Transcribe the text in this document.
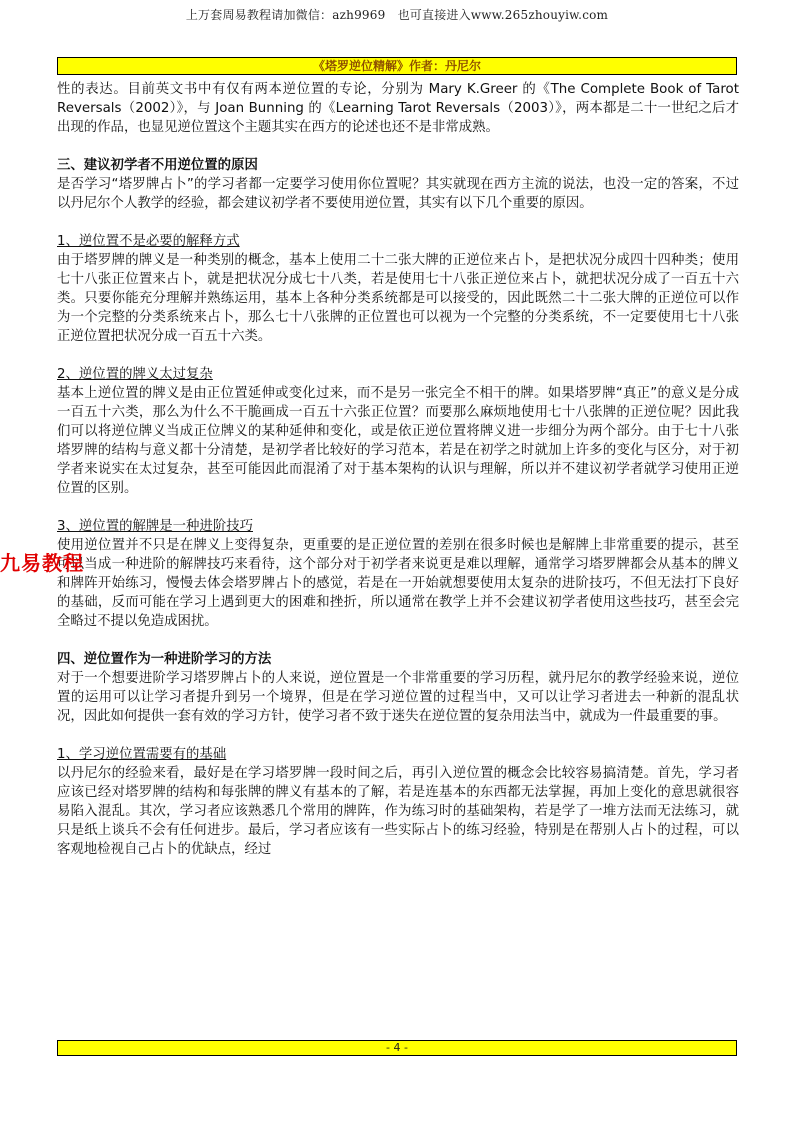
上万套周易教程请加微信：azh9969　也可直接进入www.265zhouyiw.com
《塔罗逆位精解》作者：丹尼尔

性的表达。目前英文书中有仅有两本逆位置的专论，分别为 Mary K.Greer 的《The Complete Book of Tarot Reversals（2002）》，与 Joan Bunning 的《Learning Tarot Reversals（2003）》，两本都是二十一世纪之后才出现的作品，也显见逆位置这个主题其实在西方的论述也还不是非常成熟。

三、建议初学者不用逆位置的原因

是否学习“塔罗牌占卜”的学习者都一定要学习使用你位置呢？其实就现在西方主流的说法，也没一定的答案，不过以丹尼尔个人教学的经验，都会建议初学者不要使用逆位置，其实有以下几个重要的原因。

1、逆位置不是必要的解释方式

由于塔罗牌的牌义是一种类别的概念，基本上使用二十二张大牌的正逆位来占卜，是把状况分成四十四种类；使用七十八张正位置来占卜，就是把状况分成七十八类，若是使用七十八张正逆位来占卜，就把状况分成了一百五十六类。只要你能充分理解并熟练运用，基本上各种分类系统都是可以接受的，因此既然二十二张大牌的正逆位可以作为一个完整的分类系统来占卜，那么七十八张牌的正位置也可以视为一个完整的分类系统，不一定要使用七十八张正逆位置把状况分成一百五十六类。

2、逆位置的牌义太过复杂

基本上逆位置的牌义是由正位置延伸或变化过来，而不是另一张完全不相干的牌。如果塔罗牌“真正”的意义是分成一百五十六类，那么为什么不干脆画成一百五十六张正位置？而要那么麻烦地使用七十八张牌的正逆位呢？因此我们可以将逆位牌义当成正位牌义的某种延伸和变化，或是依正逆位置将牌义进一步细分为两个部分。由于七十八张塔罗牌的结构与意义都十分清楚，是初学者比较好的学习范本，若是在初学之时就加上许多的变化与区分，对于初学者来说实在太过复杂，甚至可能因此而混淆了对于基本架构的认识与理解，所以并不建议初学者就学习使用正逆位置的区别。

3、逆位置的解牌是一种进阶技巧

使用逆位置并不只是在牌义上变得复杂，更重要的是正逆位置的差别在很多时候也是解牌上非常重要的提示，甚至可以当成一种进阶的解牌技巧来看待，这个部分对于初学者来说更是难以理解，通常学习塔罗牌都会从基本的牌义和牌阵开始练习，慢慢去体会塔罗牌占卜的感觉，若是在一开始就想要使用太复杂的进阶技巧，不但无法打下良好的基础，反而可能在学习上遇到更大的困难和挫折，所以通常在教学上并不会建议初学者使用这些技巧，甚至会完全略过不提以免造成困扰。

四、逆位置作为一种进阶学习的方法

对于一个想要进阶学习塔罗牌占卜的人来说，逆位置是一个非常重要的学习历程，就丹尼尔的教学经验来说，逆位置的运用可以让学习者提升到另一个境界，但是在学习逆位置的过程当中，又可以让学习者进去一种新的混乱状况，因此如何提供一套有效的学习方针，使学习者不致于迷失在逆位置的复杂用法当中，就成为一件最重要的事。

1、学习逆位置需要有的基础

以丹尼尔的经验来看，最好是在学习塔罗牌一段时间之后，再引入逆位置的概念会比较容易搞清楚。首先，学习者应该已经对塔罗牌的结构和每张牌的牌义有基本的了解，若是连基本的东西都无法掌握，再加上变化的意思就很容易陷入混乱。其次，学习者应该熟悉几个常用的牌阵，作为练习时的基础架构，若是学了一堆方法而无法练习，就只是纸上谈兵不会有任何进步。最后，学习者应该有一些实际占卜的练习经验，特别是在帮别人占卜的过程，可以客观地检视自己占卜的优缺点，经过

九易教程
- 4 -
